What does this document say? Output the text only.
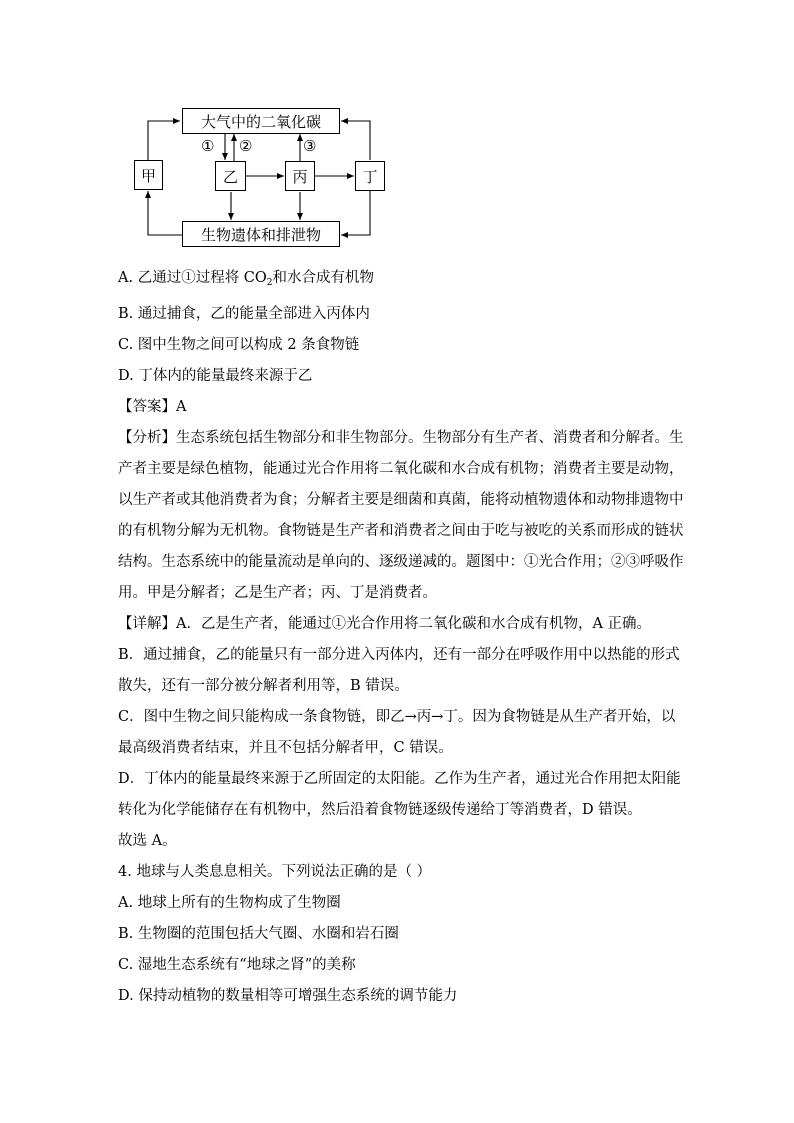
大气中的二氧化碳
生物遗体和排泄物
甲	乙	丙	丁
① ②	③

A. 乙通过①过程将 $CO_2$和水合成有机物

B. 通过捕食，乙的能量全部进入丙体内

C. 图中生物之间可以构成 2 条食物链

D. 丁体内的能量最终来源于乙

【答案】A

【分析】生态系统包括生物部分和非生物部分。生物部分有生产者、消费者和分解者。生

产者主要是绿色植物，能通过光合作用将二氧化碳和水合成有机物；消费者主要是动物，

以生产者或其他消费者为食；分解者主要是细菌和真菌，能将动植物遗体和动物排遗物中

的有机物分解为无机物。食物链是生产者和消费者之间由于吃与被吃的关系而形成的链状

结构。生态系统中的能量流动是单向的、逐级递减的。题图中：①光合作用；②③呼吸作

用。甲是分解者；乙是生产者；丙、丁是消费者。

【详解】A．乙是生产者，能通过①光合作用将二氧化碳和水合成有机物，A 正确。

B．通过捕食，乙的能量只有一部分进入丙体内，还有一部分在呼吸作用中以热能的形式

散失，还有一部分被分解者利用等，B 错误。

C．图中生物之间只能构成一条食物链，即乙→丙→丁。因为食物链是从生产者开始，以

最高级消费者结束，并且不包括分解者甲，C 错误。

D．丁体内的能量最终来源于乙所固定的太阳能。乙作为生产者，通过光合作用把太阳能

转化为化学能储存在有机物中，然后沿着食物链逐级传递给丁等消费者，D 错误。

故选 A。

4. 地球与人类息息相关。下列说法正确的是（ ）

A. 地球上所有的生物构成了生物圈

B. 生物圈的范围包括大气圈、水圈和岩石圈

C. 湿地生态系统有“地球之肾”的美称

D. 保持动植物的数量相等可增强生态系统的调节能力
